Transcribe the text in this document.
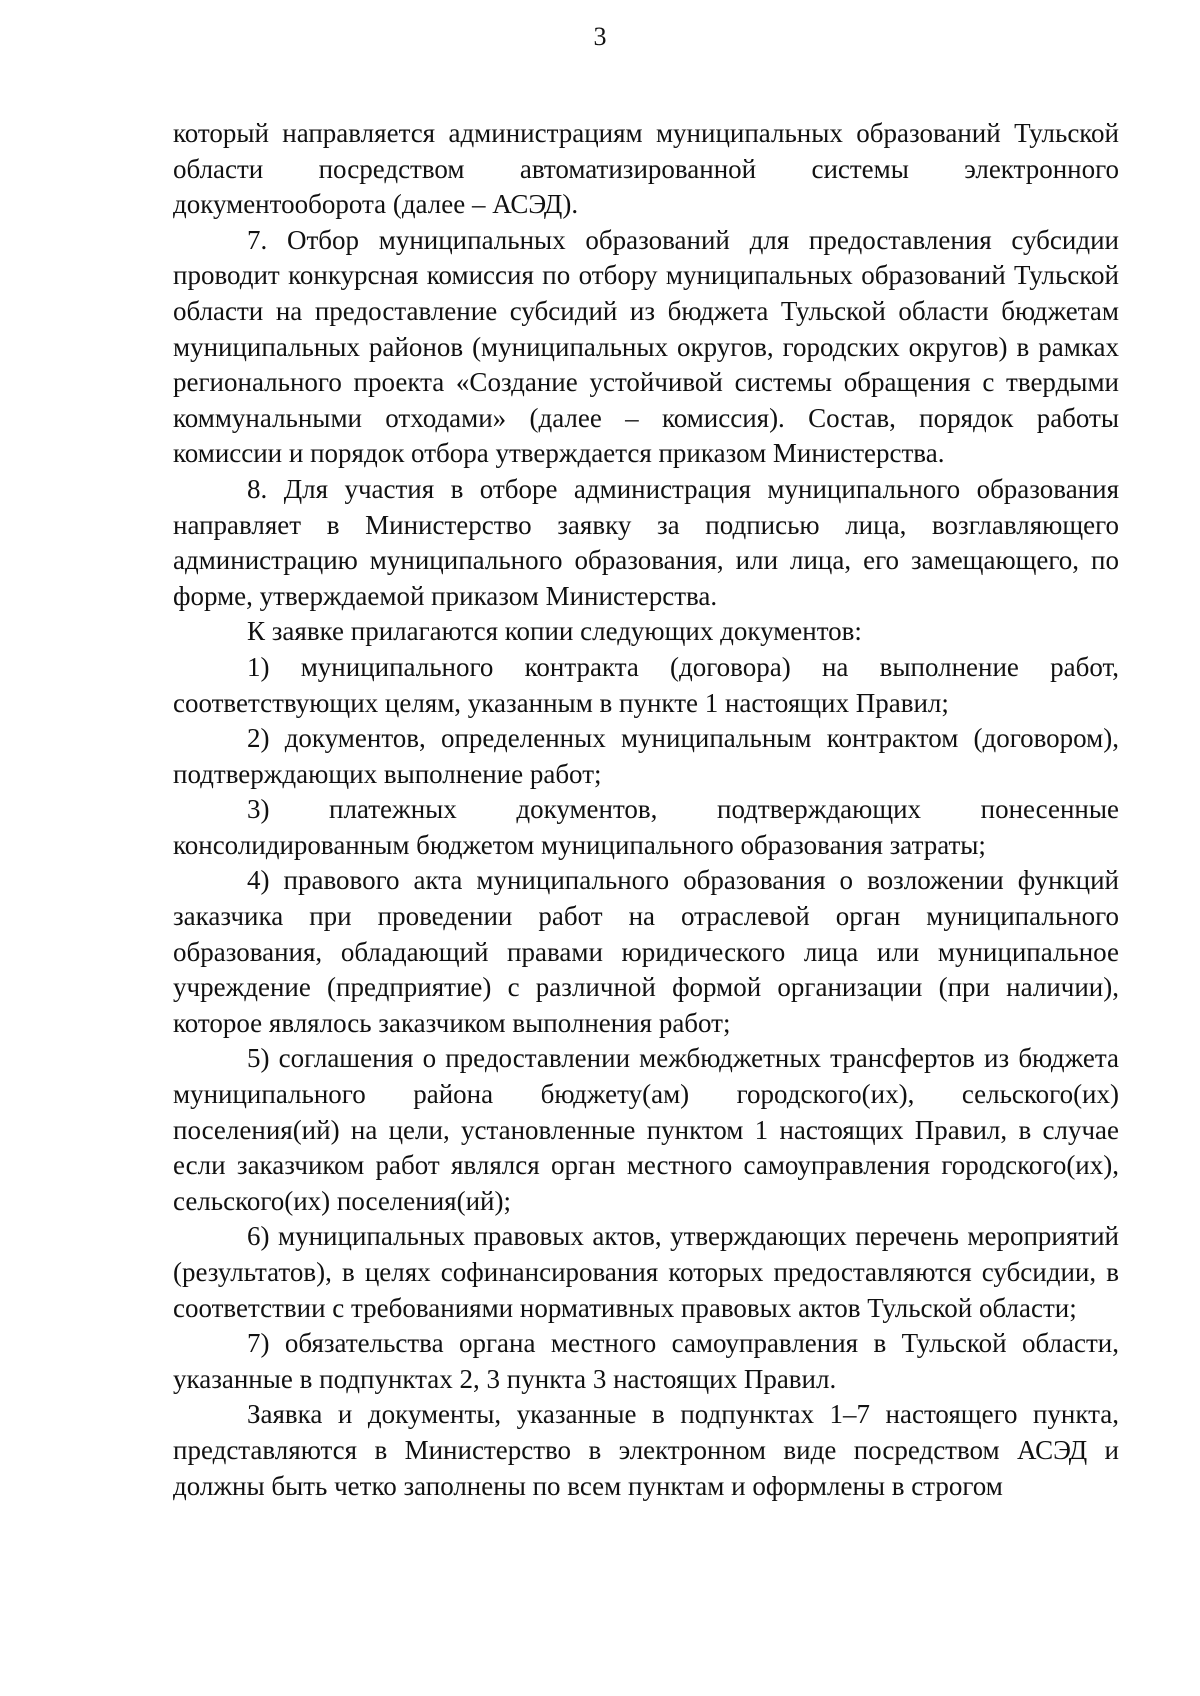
3

который направляется администрациям муниципальных образований Тульской области посредством автоматизированной системы электронного документооборота (далее – АСЭД).

7. Отбор муниципальных образований для предоставления субсидии проводит конкурсная комиссия по отбору муниципальных образований Тульской области на предоставление субсидий из бюджета Тульской области бюджетам муниципальных районов (муниципальных округов, городских округов) в рамках регионального проекта «Создание устойчивой системы обращения с твердыми коммунальными отходами» (далее – комиссия). Состав, порядок работы комиссии и порядок отбора утверждается приказом Министерства.

8. Для участия в отборе администрация муниципального образования направляет в Министерство заявку за подписью лица, возглавляющего администрацию муниципального образования, или лица, его замещающего, по форме, утверждаемой приказом Министерства.

К заявке прилагаются копии следующих документов:

1) муниципального контракта (договора) на выполнение работ, соответствующих целям, указанным в пункте 1 настоящих Правил;

2) документов, определенных муниципальным контрактом (договором), подтверждающих выполнение работ;

3) платежных документов, подтверждающих понесенные консолидированным бюджетом муниципального образования затраты;

4) правового акта муниципального образования о возложении функций заказчика при проведении работ на отраслевой орган муниципального образования, обладающий правами юридического лица или муниципальное учреждение (предприятие) с различной формой организации (при наличии), которое являлось заказчиком выполнения работ;

5) соглашения о предоставлении межбюджетных трансфертов из бюджета муниципального района бюджету(ам) городского(их), сельского(их) поселения(ий) на цели, установленные пунктом 1 настоящих Правил, в случае если заказчиком работ являлся орган местного самоуправления городского(их), сельского(их) поселения(ий);

6) муниципальных правовых актов, утверждающих перечень мероприятий (результатов), в целях софинансирования которых предоставляются субсидии, в соответствии с требованиями нормативных правовых актов Тульской области;

7) обязательства органа местного самоуправления в Тульской области, указанные в подпунктах 2, 3 пункта 3 настоящих Правил.

Заявка и документы, указанные в подпунктах 1–7 настоящего пункта, представляются в Министерство в электронном виде посредством АСЭД и должны быть четко заполнены по всем пунктам и оформлены в строгом
